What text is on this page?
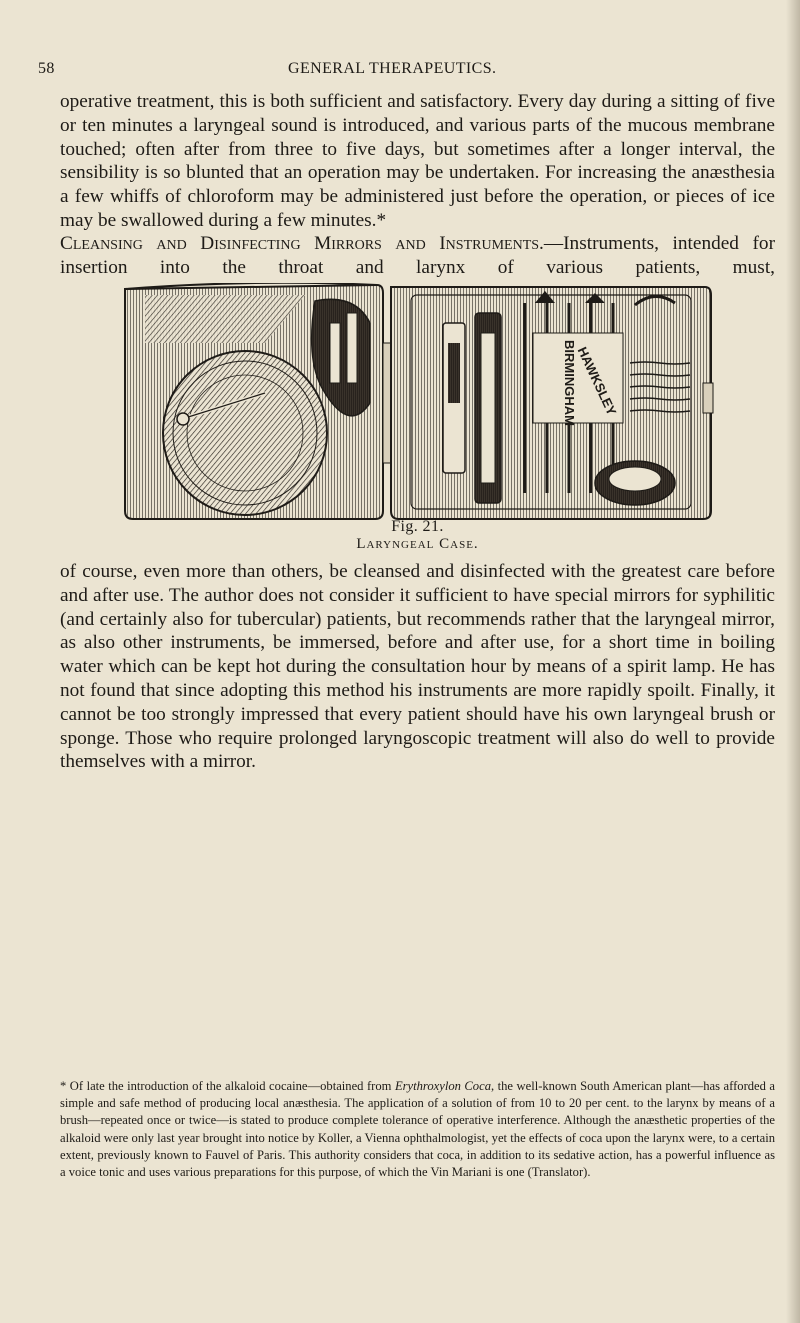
58	GENERAL THERAPEUTICS.

operative treatment, this is both sufficient and satisfactory. Every day during a sitting of five or ten minutes a laryngeal sound is introduced, and various parts of the mucous membrane touched; often after from three to five days, but sometimes after a longer interval, the sensibility is so blunted that an operation may be undertaken. For increasing the anæsthesia a few whiffs of chloroform may be administered just before the operation, or pieces of ice may be swallowed during a few minutes.*

Cleansing and Disinfecting Mirrors and Instruments.—Instruments, intended for insertion into the throat and larynx of various patients, must,

BIRMINGHAM
HAWKSLEY
Fig. 21.
Laryngeal Case.

of course, even more than others, be cleansed and disinfected with the greatest care before and after use. The author does not consider it sufficient to have special mirrors for syphilitic (and certainly also for tubercular) patients, but recommends rather that the laryngeal mirror, as also other instruments, be immersed, before and after use, for a short time in boiling water which can be kept hot during the consultation hour by means of a spirit lamp. He has not found that since adopting this method his instruments are more rapidly spoilt. Finally, it cannot be too strongly impressed that every patient should have his own laryngeal brush or sponge. Those who require prolonged laryngoscopic treatment will also do well to provide themselves with a mirror.

* Of late the introduction of the alkaloid cocaine—obtained from Erythroxylon Coca, the well-known South American plant—has afforded a simple and safe method of producing local anæsthesia. The application of a solution of from 10 to 20 per cent. to the larynx by means of a brush—repeated once or twice—is stated to produce complete tolerance of operative interference. Although the anæsthetic properties of the alkaloid were only last year brought into notice by Koller, a Vienna ophthalmologist, yet the effects of coca upon the larynx were, to a certain extent, previously known to Fauvel of Paris. This authority considers that coca, in addition to its sedative action, has a powerful influence as a voice tonic and uses various preparations for this purpose, of which the Vin Mariani is one (Translator).
